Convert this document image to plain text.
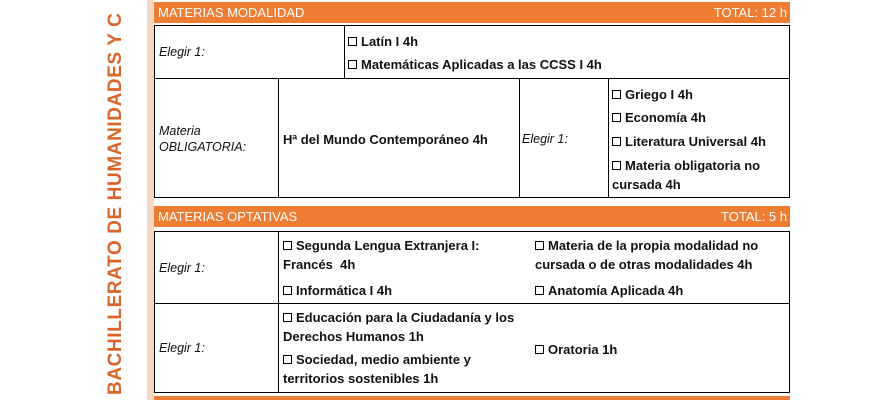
BACHILLERATO DE HUMANIDADES Y C
MATERIAS MODALIDAD	TOTAL: 12 h
Elegir 1:
Latín I 4h
Matemáticas Aplicadas a las CCSS I 4h
Materia
OBLIGATORIA:	Hª del Mundo Contemporáneo 4h	Elegir 1:
Griego I 4h
Economía 4h
Literatura Universal 4h
Materia obligatoria no
cursada 4h
MATERIAS OPTATIVAS	TOTAL: 5 h
Elegir 1:
Segunda Lengua Extranjera I:
Francés  4h
Informática I 4h
Materia de la propia modalidad no
cursada o de otras modalidades 4h
Anatomía Aplicada 4h
Elegir 1:
Educación para la Ciudadanía y los
Derechos Humanos 1h
Sociedad, medio ambiente y
territorios sostenibles 1h
Oratoria 1h
